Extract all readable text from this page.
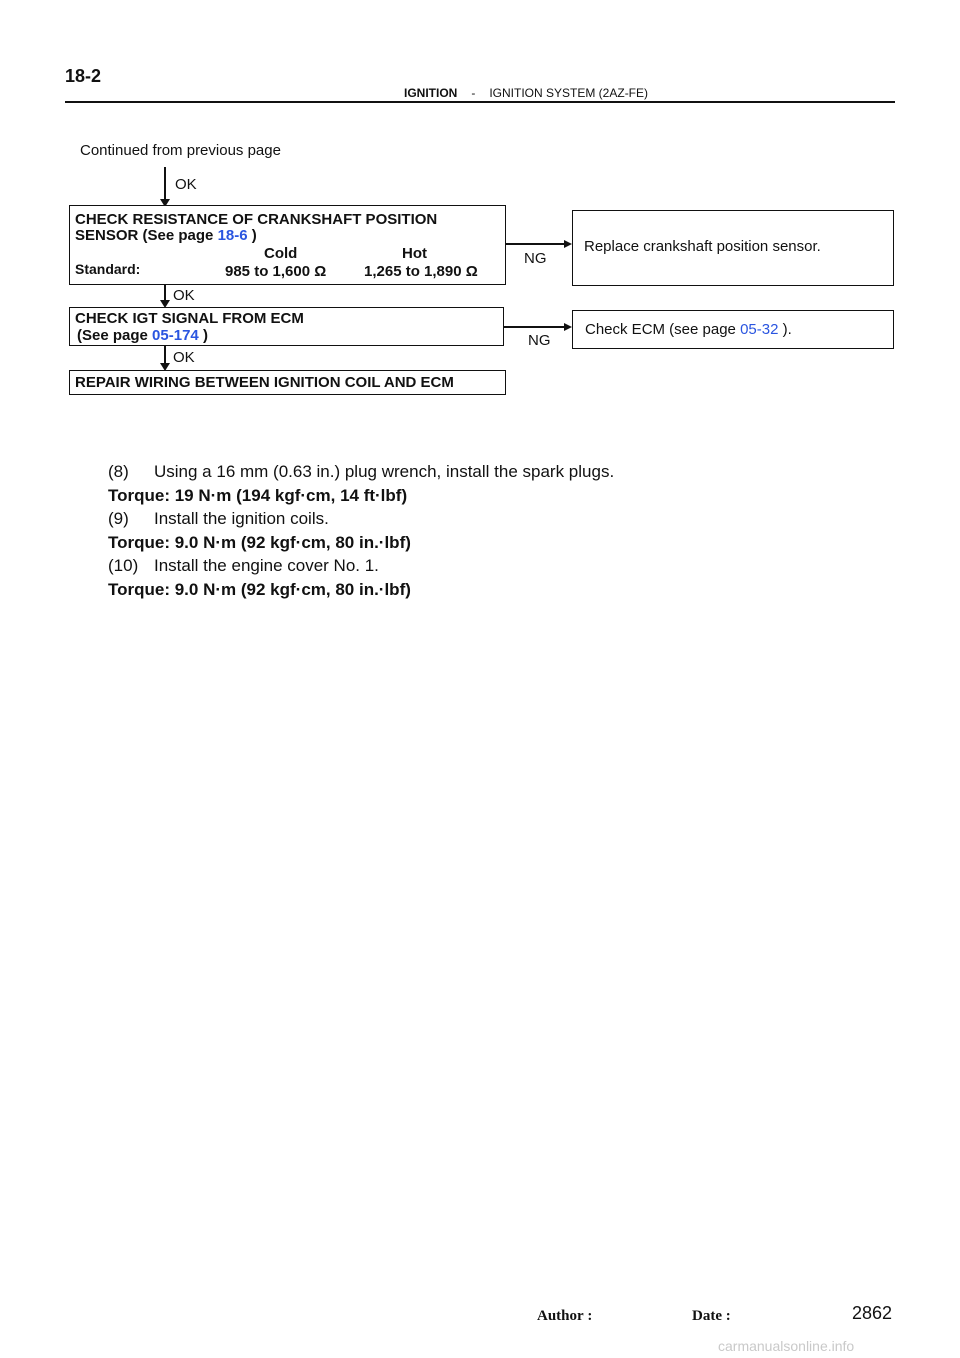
18-2
IGNITION - IGNITION SYSTEM (2AZ-FE)
Continued from previous page
OK
CHECK RESISTANCE OF CRANKSHAFT POSITION
SENSOR (See page 18-6 )
Cold	Hot
Standard:	985 to 1,600 Ω	1,265 to 1,890 Ω
NG
Replace crankshaft position sensor.
OK
CHECK IGT SIGNAL FROM ECM
(See page 05-174 )	NG
Check ECM (see page 05-32 ).
OK
REPAIR WIRING BETWEEN IGNITION COIL AND ECM
(8) Using a 16 mm (0.63 in.) plug wrench, install the spark plugs.
Torque: 19 N·m (194 kgf·cm, 14 ft·lbf)
(9) Install the ignition coils.
Torque: 9.0 N·m (92 kgf·cm, 80 in.·lbf)
(10) Install the engine cover No. 1.
Torque: 9.0 N·m (92 kgf·cm, 80 in.·lbf)
Author :	Date :	2862
carmanualsonline.info
